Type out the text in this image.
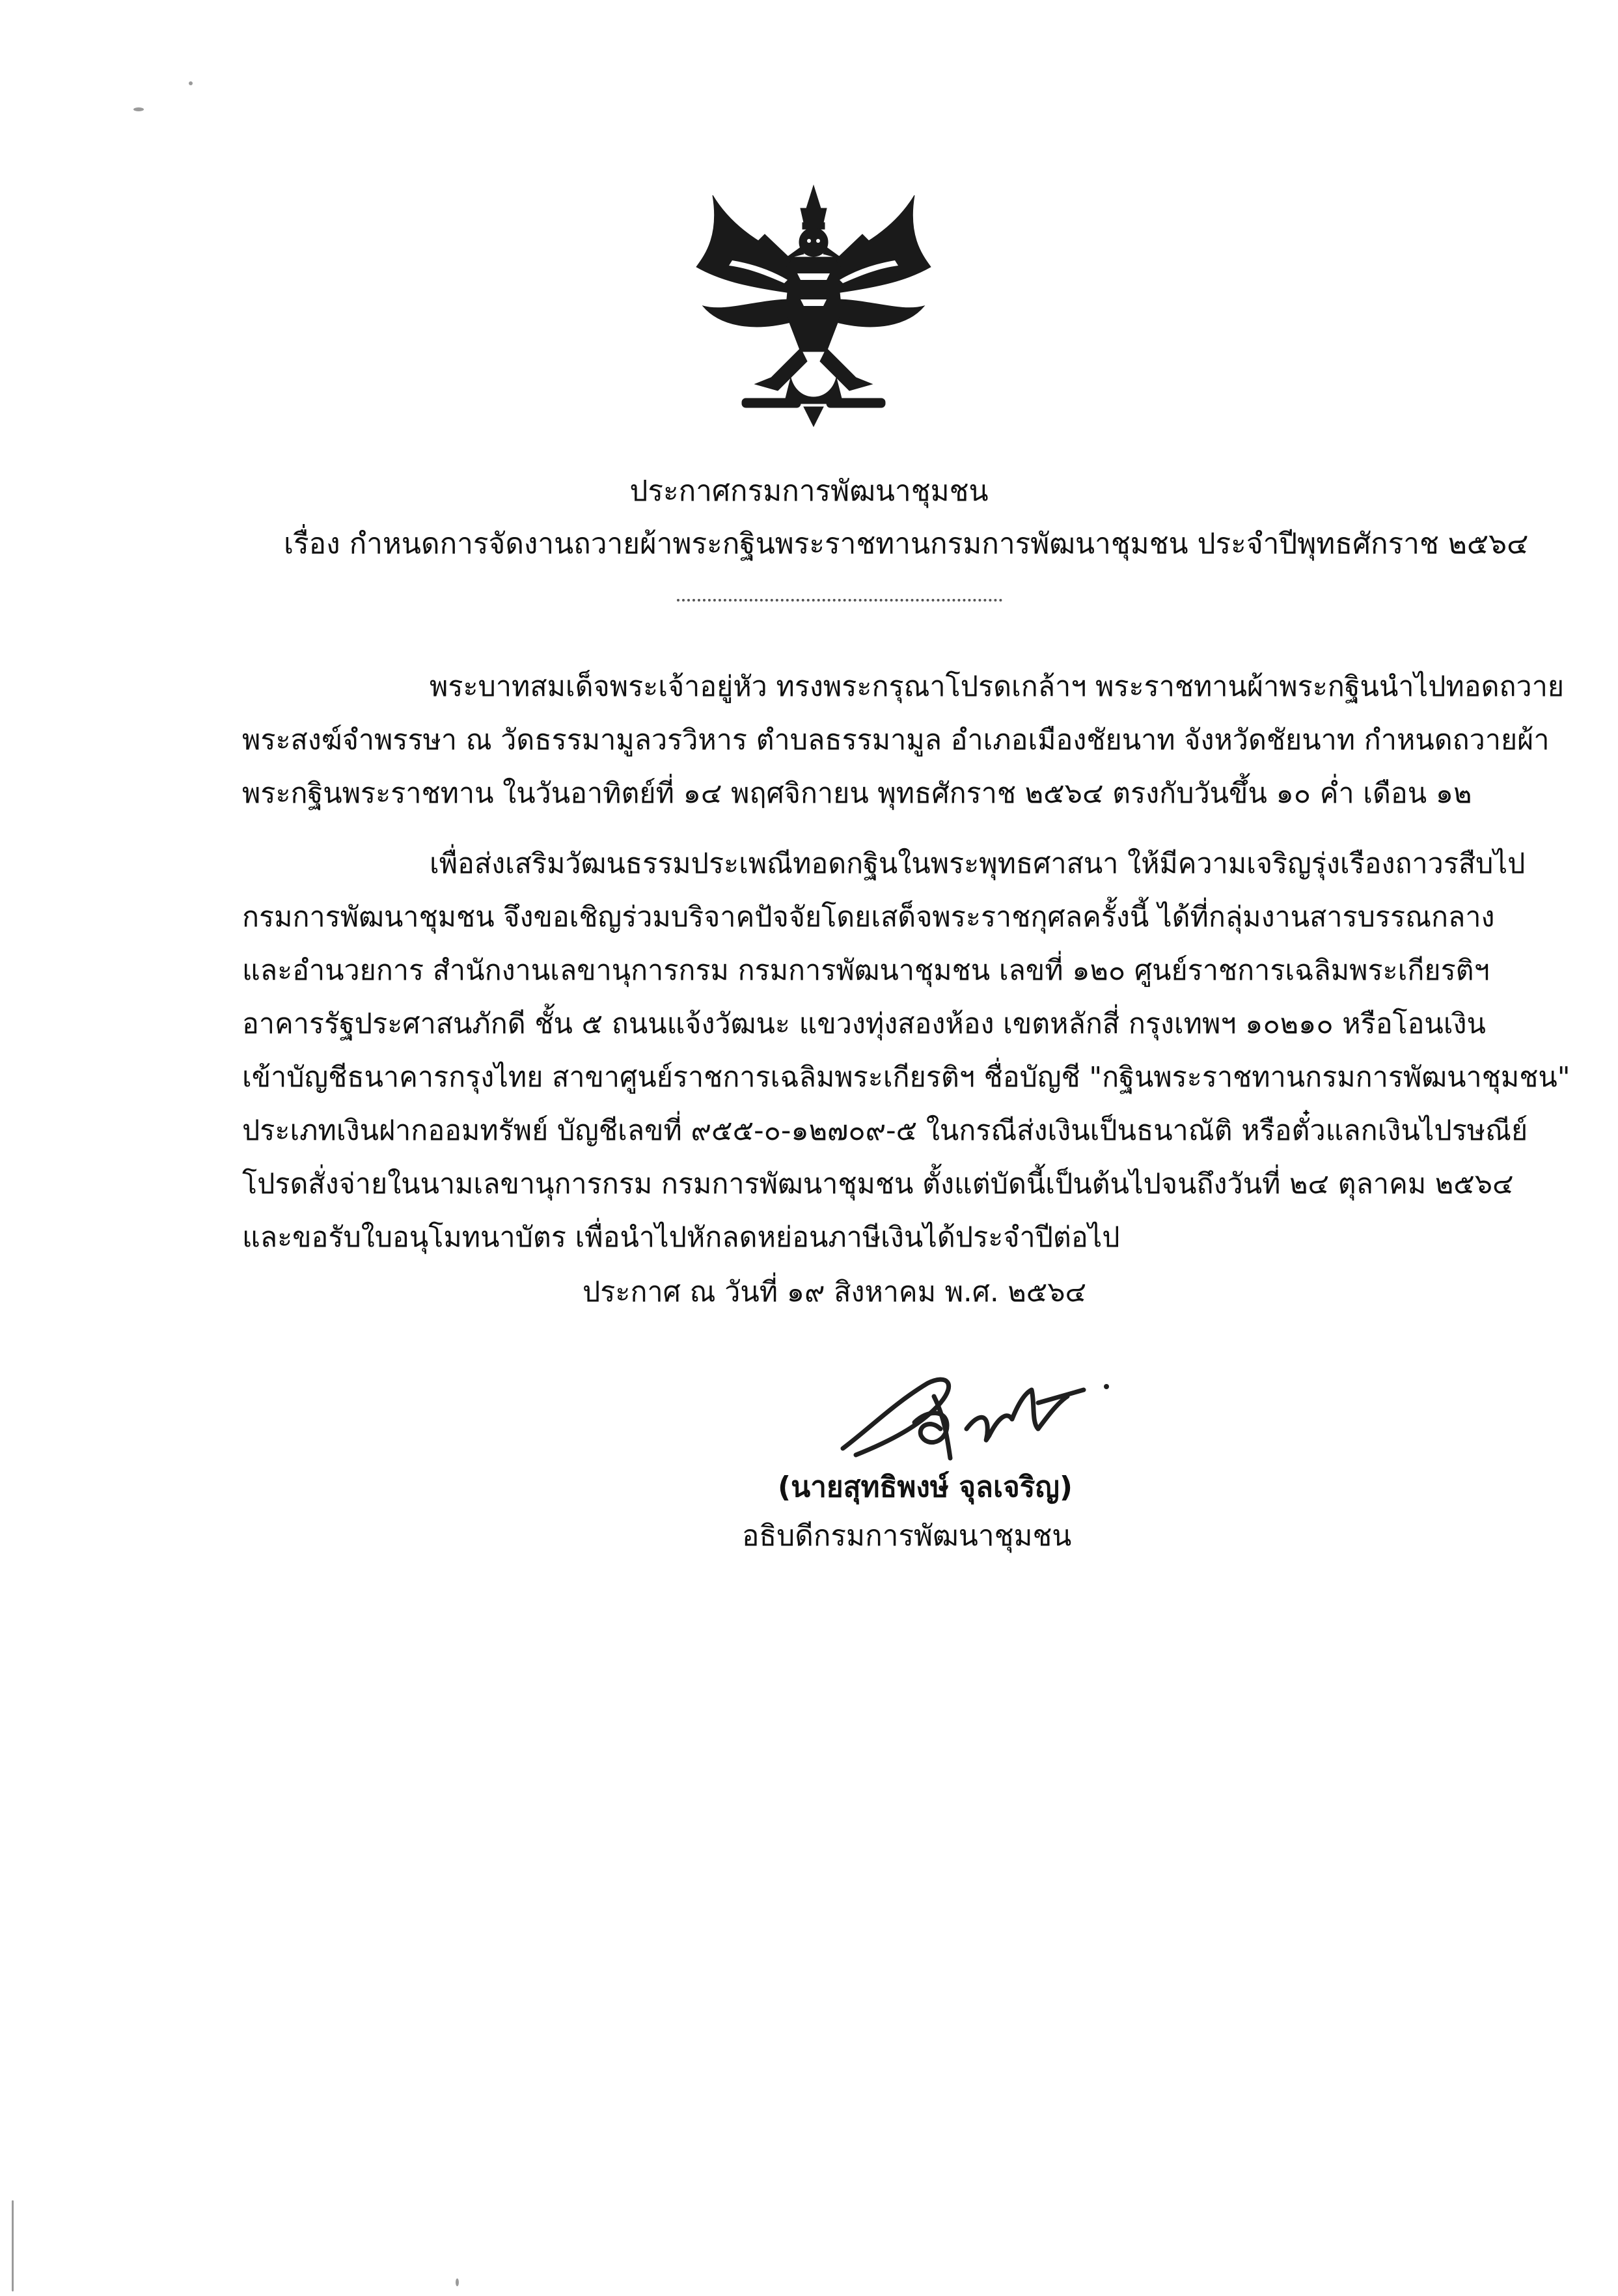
ประกาศกรมการพัฒนาชุมชน
เรื่อง กำหนดการจัดงานถวายผ้าพระกฐินพระราชทานกรมการพัฒนาชุมชน ประจำปีพุทธศักราช ๒๕๖๔
พระบาทสมเด็จพระเจ้าอยู่หัว ทรงพระกรุณาโปรดเกล้าฯ พระราชทานผ้าพระกฐินนำไปทอดถวาย
พระสงฆ์จำพรรษา ณ วัดธรรมามูลวรวิหาร ตำบลธรรมามูล อำเภอเมืองชัยนาท จังหวัดชัยนาท กำหนดถวายผ้า
พระกฐินพระราชทาน ในวันอาทิตย์ที่ ๑๔ พฤศจิกายน พุทธศักราช ๒๕๖๔ ตรงกับวันขึ้น ๑๐ ค่ำ เดือน ๑๒
เพื่อส่งเสริมวัฒนธรรมประเพณีทอดกฐินในพระพุทธศาสนา ให้มีความเจริญรุ่งเรืองถาวรสืบไป
กรมการพัฒนาชุมชน จึงขอเชิญร่วมบริจาคปัจจัยโดยเสด็จพระราชกุศลครั้งนี้ ได้ที่กลุ่มงานสารบรรณกลาง
และอำนวยการ สำนักงานเลขานุการกรม กรมการพัฒนาชุมชน เลขที่ ๑๒๐ ศูนย์ราชการเฉลิมพระเกียรติฯ
อาคารรัฐประศาสนภักดี ชั้น ๕ ถนนแจ้งวัฒนะ แขวงทุ่งสองห้อง เขตหลักสี่ กรุงเทพฯ ๑๐๒๑๐ หรือโอนเงิน
เข้าบัญชีธนาคารกรุงไทย สาขาศูนย์ราชการเฉลิมพระเกียรติฯ ชื่อบัญชี "กฐินพระราชทานกรมการพัฒนาชุมชน"
ประเภทเงินฝากออมทรัพย์ บัญชีเลขที่ ๙๕๕-๐-๑๒๗๐๙-๕ ในกรณีส่งเงินเป็นธนาณัติ หรือตั๋วแลกเงินไปรษณีย์
โปรดสั่งจ่ายในนามเลขานุการกรม กรมการพัฒนาชุมชน ตั้งแต่บัดนี้เป็นต้นไปจนถึงวันที่ ๒๔ ตุลาคม ๒๕๖๔
และขอรับใบอนุโมทนาบัตร เพื่อนำไปหักลดหย่อนภาษีเงินได้ประจำปีต่อไป
ประกาศ ณ วันที่ ๑๙ สิงหาคม พ.ศ. ๒๕๖๔
(นายสุทธิพงษ์ จุลเจริญ)
อธิบดีกรมการพัฒนาชุมชน
